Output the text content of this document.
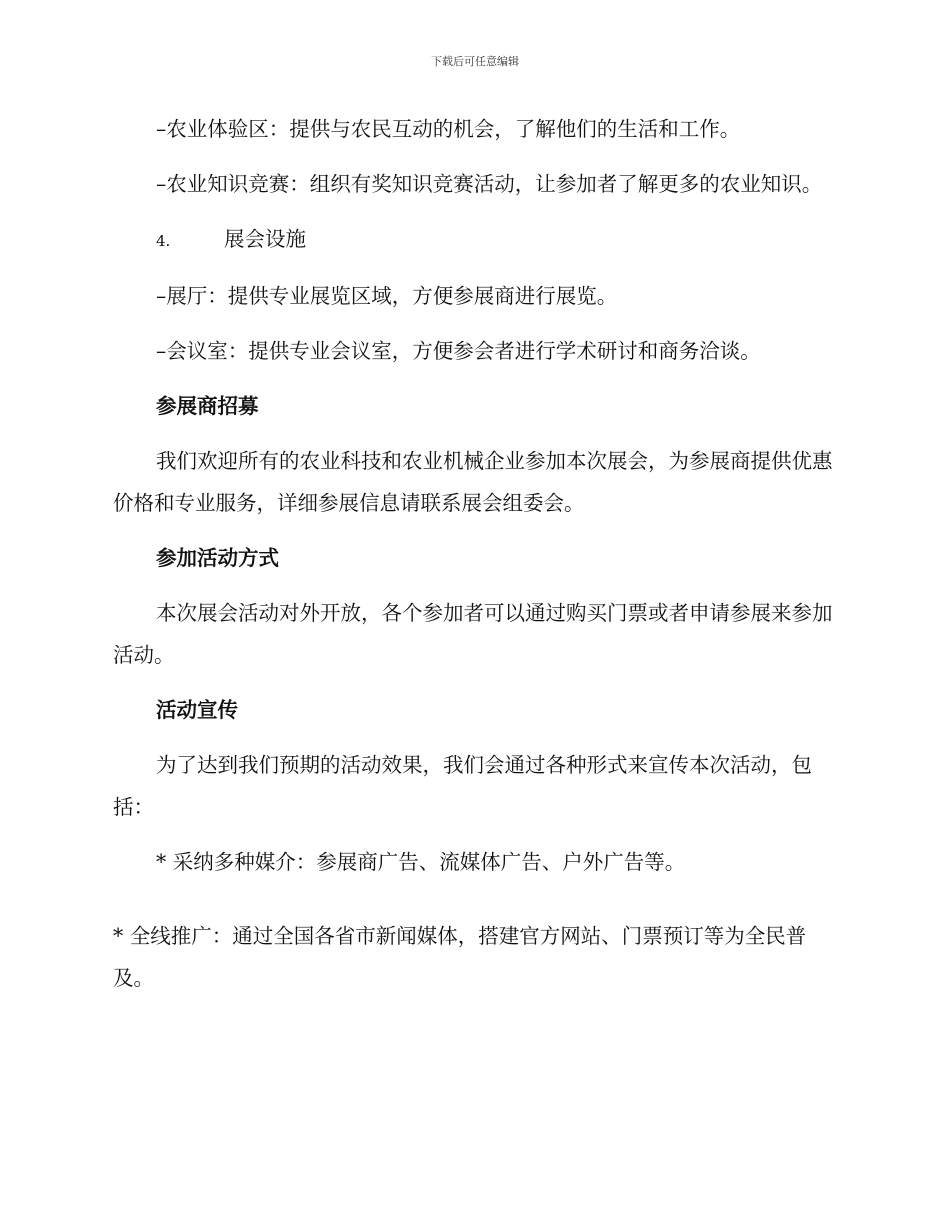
下载后可任意编辑

–农业体验区：提供与农民互动的机会，了解他们的生活和工作。

–农业知识竞赛：组织有奖知识竞赛活动，让参加者了解更多的农业知识。

4.	展会设施

–展厅：提供专业展览区域，方便参展商进行展览。

–会议室：提供专业会议室，方便参会者进行学术研讨和商务洽谈。

参展商招募

我们欢迎所有的农业科技和农业机械企业参加本次展会，为参展商提供优惠价格和专业服务，详细参展信息请联系展会组委会。

参加活动方式

本次展会活动对外开放，各个参加者可以通过购买门票或者申请参展来参加活动。

活动宣传

为了达到我们预期的活动效果，我们会通过各种形式来宣传本次活动，包括：

* 采纳多种媒介：参展商广告、流媒体广告、户外广告等。

* 全线推广：通过全国各省市新闻媒体，搭建官方网站、门票预订等为全民普及。
